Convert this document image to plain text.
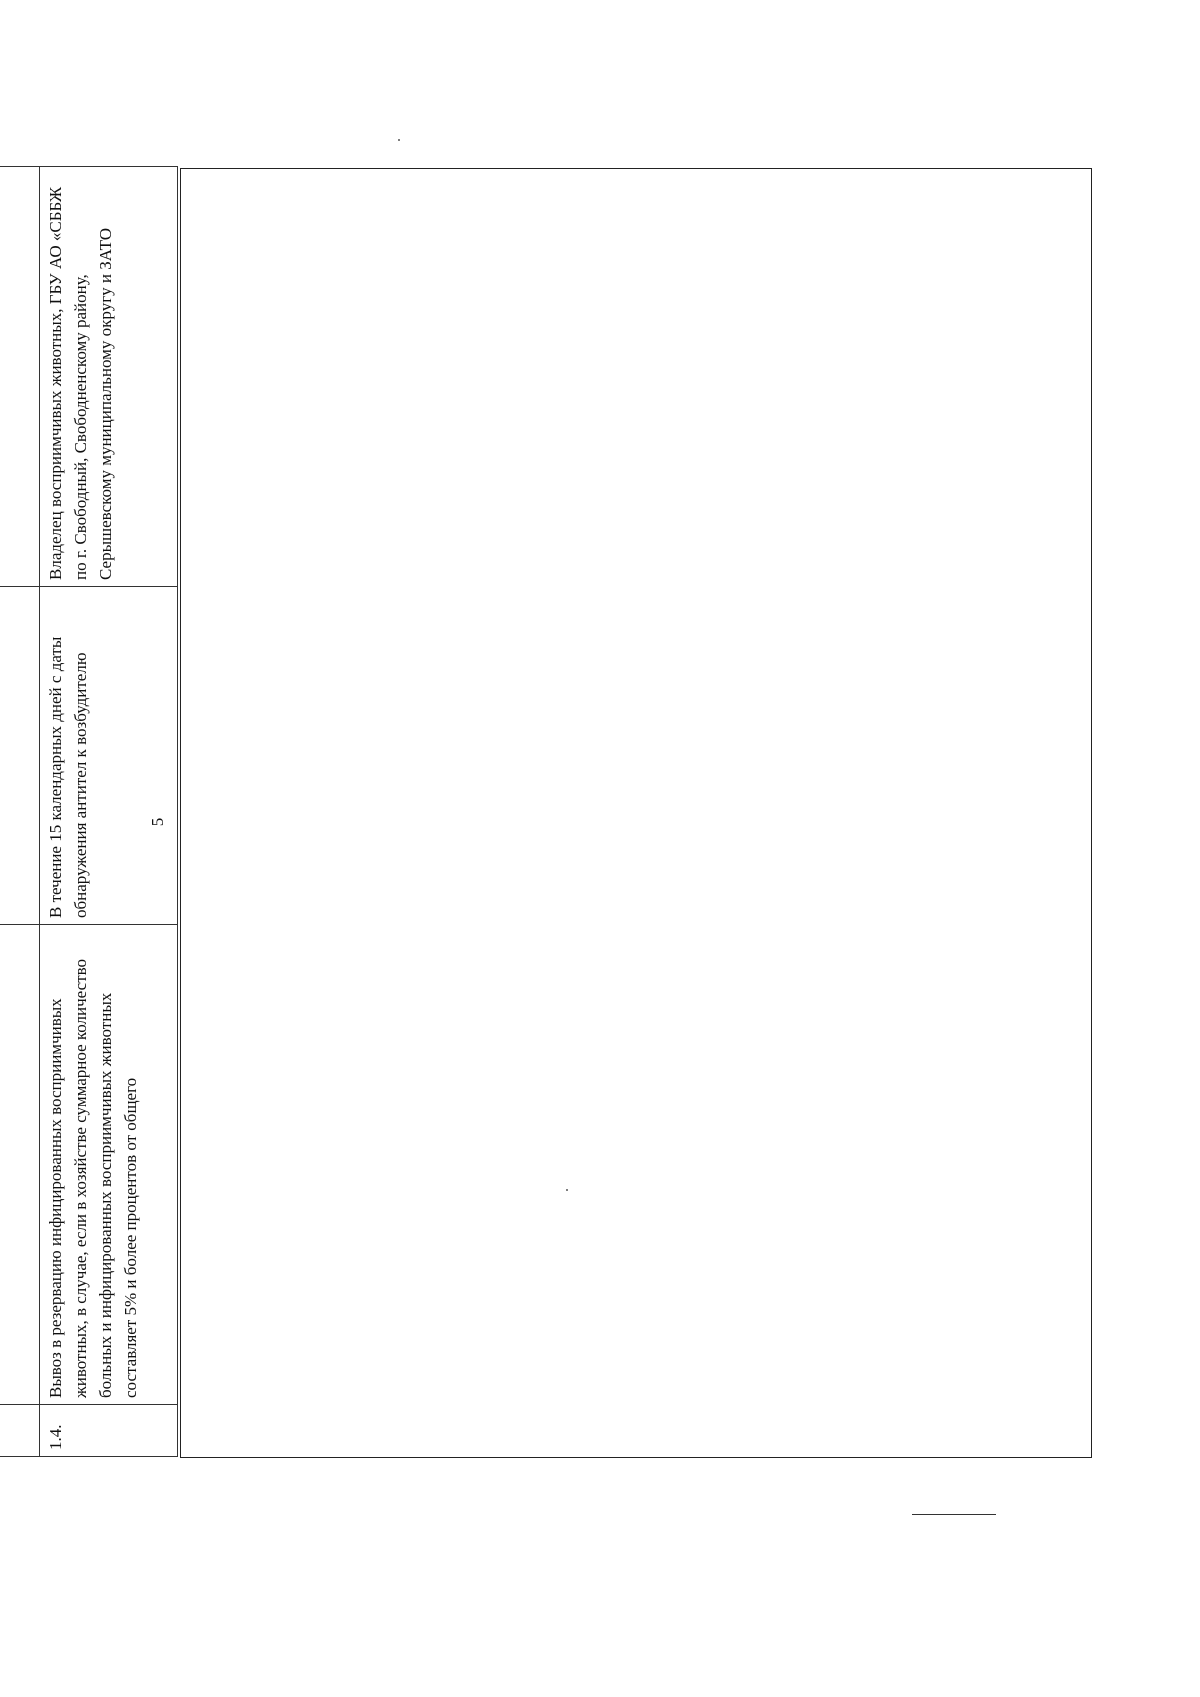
5

1.4.	Вывоз в резервацию инфицированных восприимчивых животных, в случае, если в хозяйстве суммарное количество больных и инфицированных восприимчивых животных составляет 5% и более процентов от общего	В течение 15 календарных дней с даты обнаружения антител к возбудителю	Владелец восприимчивых животных, ГБУ АО «СББЖ по г. Свободный, Свободненскому району, Серышевскому муниципальному округу и ЗАТО
